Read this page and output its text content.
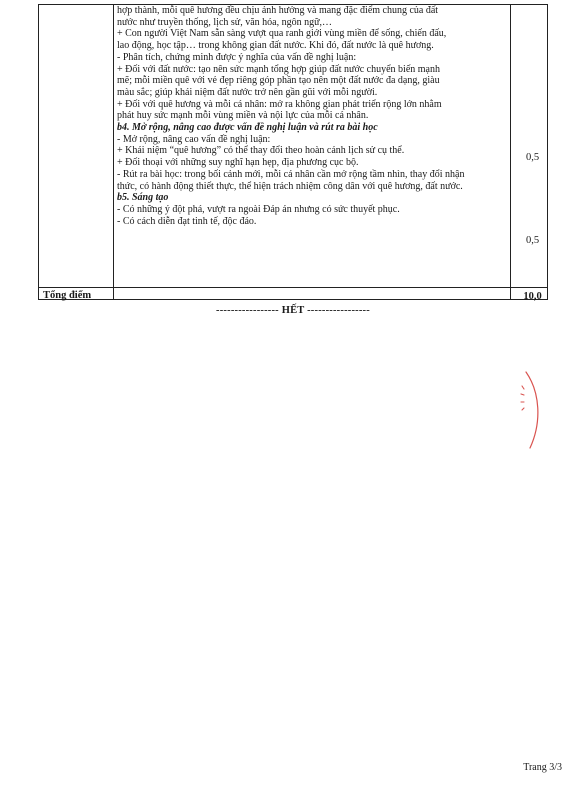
hợp thành, mỗi quê hương đều chịu ảnh hưởng và mang đặc điểm chung của đất

nước như truyền thống, lịch sử, văn hóa, ngôn ngữ,…

+ Con người Việt Nam sẵn sàng vượt qua ranh giới vùng miền để sống, chiến đấu,

lao động, học tập… trong không gian đất nước. Khi đó, đất nước là quê hương.

- Phân tích, chứng minh được ý nghĩa của vấn đề nghị luận:

+ Đối với đất nước: tạo nên sức mạnh tổng hợp giúp đất nước chuyển biến mạnh

mẽ; mỗi miền quê với vẻ đẹp riêng góp phần tạo nên một đất nước đa dạng, giàu

màu sắc; giúp khái niệm đất nước trở nên gần gũi với mỗi người.

+ Đối với quê hương và mỗi cá nhân: mở ra không gian phát triển rộng lớn nhằm

phát huy sức mạnh mỗi vùng miền và nội lực của mỗi cá nhân.

b4. Mở rộng, nâng cao được vấn đề nghị luận và rút ra bài học

- Mở rộng, nâng cao vấn đề nghị luận:

+ Khái niệm “quê hương” có thể thay đổi theo hoàn cảnh lịch sử cụ thể.

+ Đối thoại với những suy nghĩ hạn hẹp, địa phương cục bộ.

- Rút ra bài học: trong bối cảnh mới, mỗi cá nhân cần mở rộng tầm nhìn, thay đổi nhận

thức, có hành động thiết thực, thể hiện trách nhiệm công dân với quê hương, đất nước.

b5. Sáng tạo

- Có những ý đột phá, vượt ra ngoài Đáp án nhưng có sức thuyết phục.

- Có cách diễn đạt tinh tế, độc đáo.

0,5
0,5
Tổng điểm	10,0
----------------- HẾT -----------------
Trang 3/3
